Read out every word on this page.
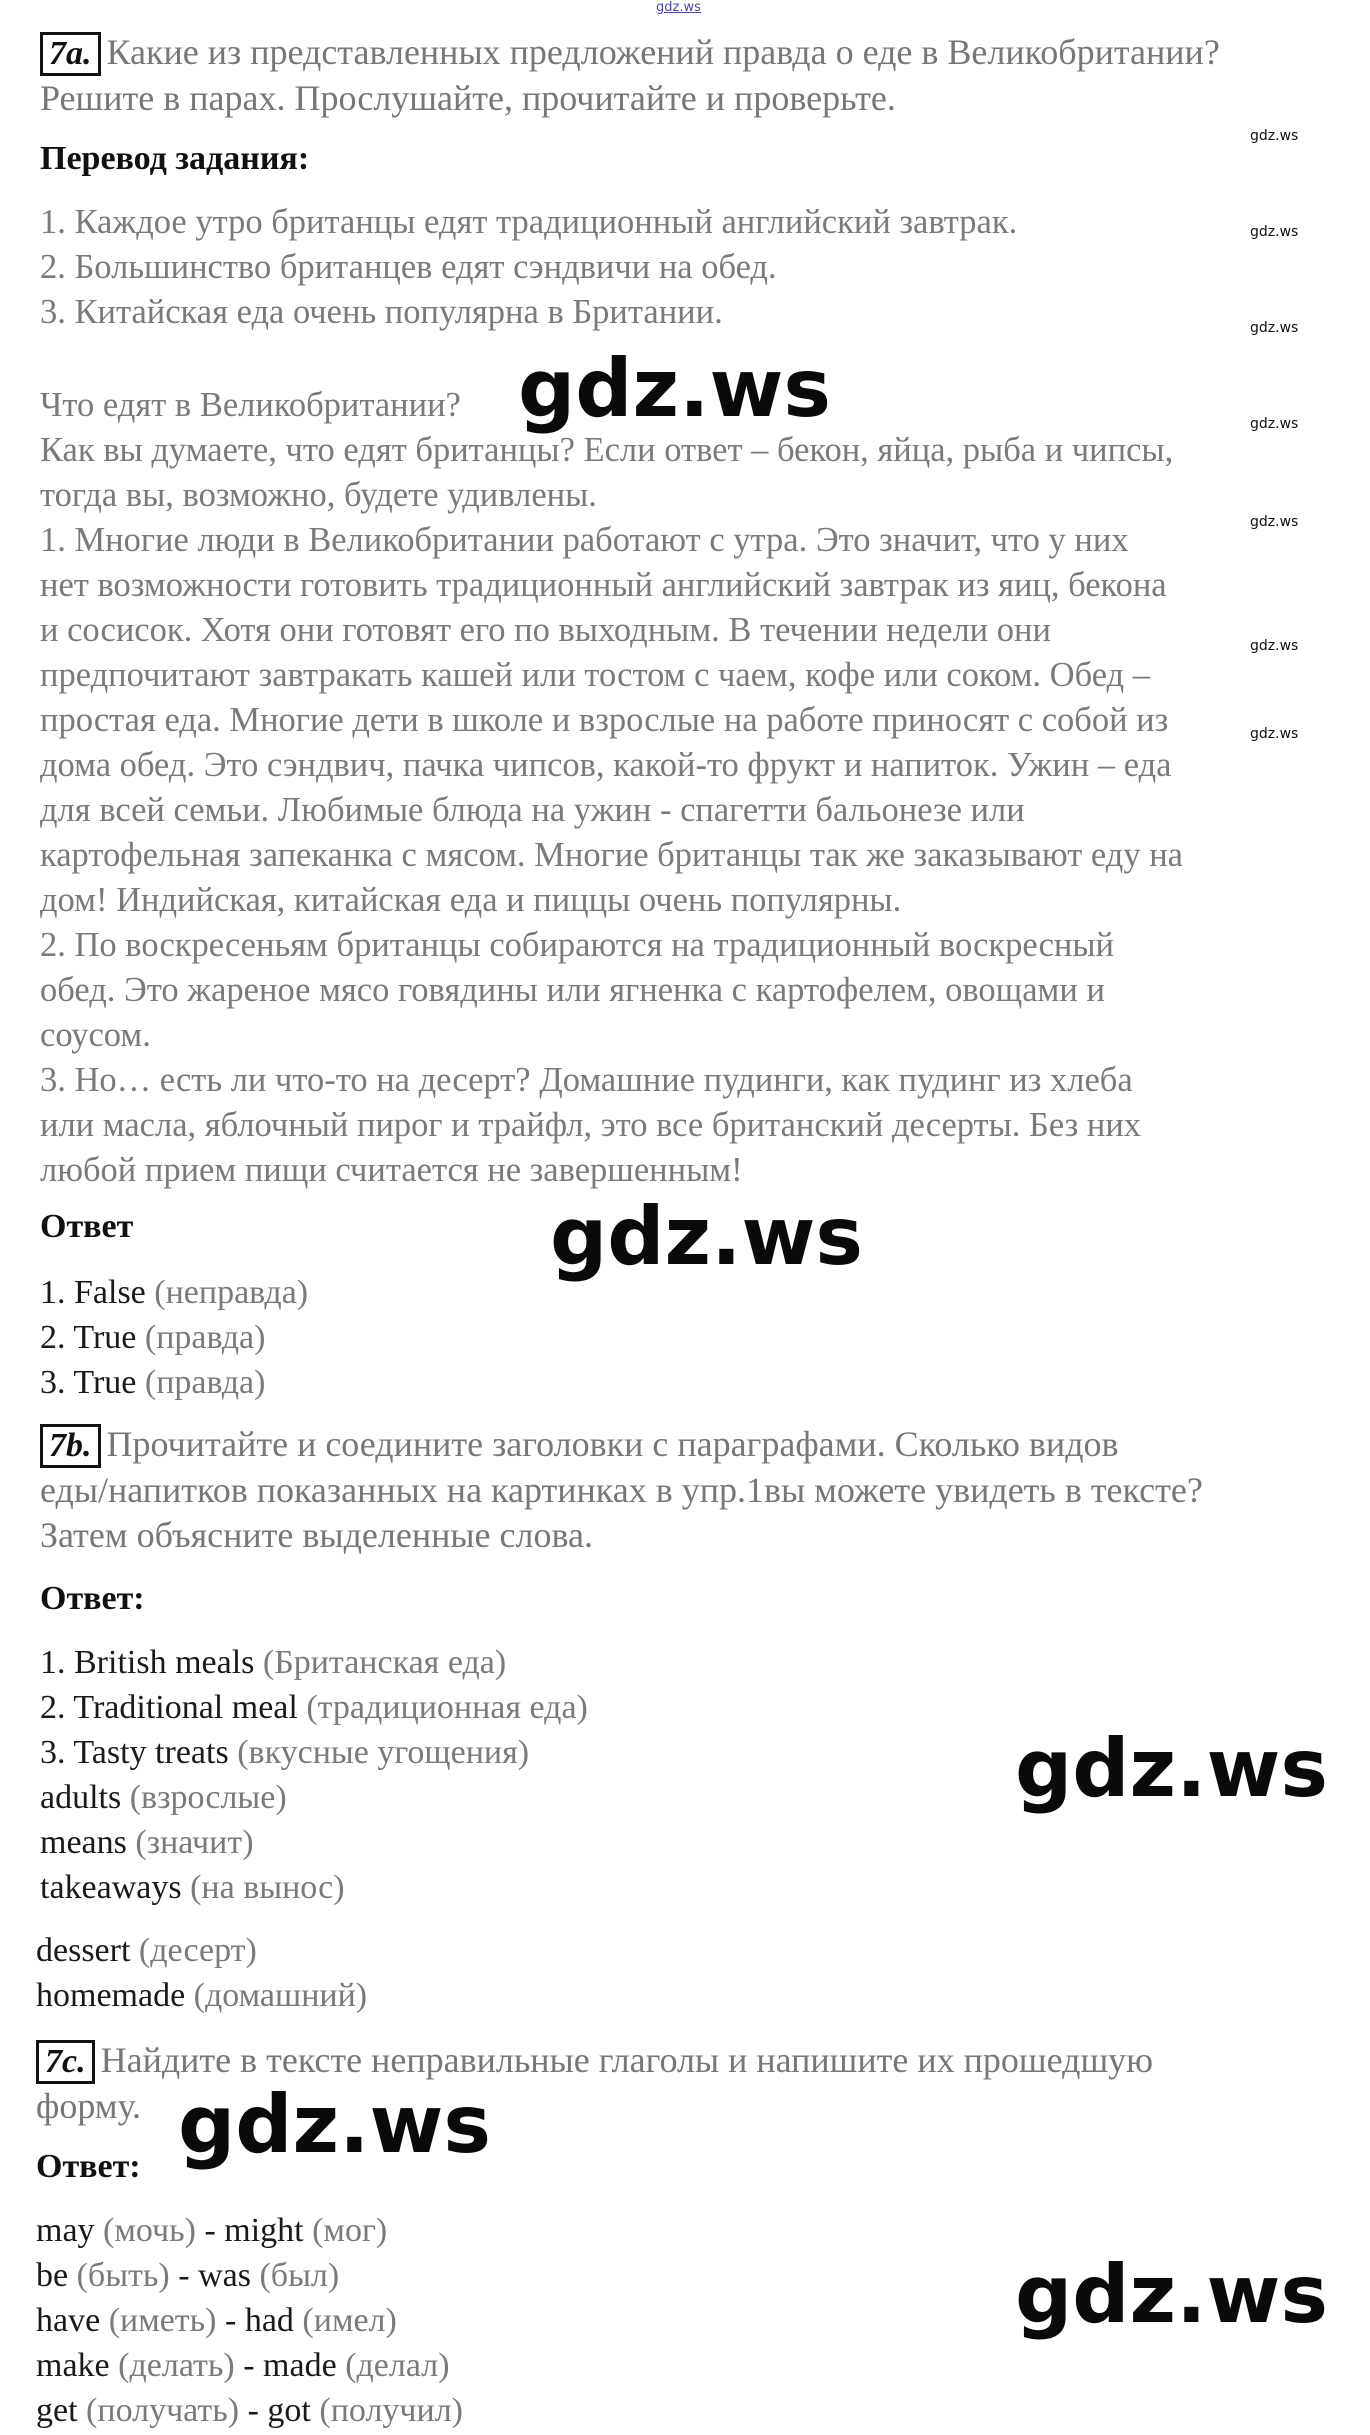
gdz.ws

7a. Какие из представленных предложений правда о еде в Великобритании?

Решите в парах. Прослушайте, прочитайте и проверьте.

Перевод задания:

1. Каждое утро британцы едят традиционный английский завтрак.

2. Большинство британцев едят сэндвичи на обед.

3. Китайская еда очень популярна в Британии.

Что едят в Великобритании?

Как вы думаете, что едят британцы? Если ответ – бекон, яйца, рыба и чипсы,

тогда вы, возможно, будете удивлены.

1. Многие люди в Великобритании работают с утра. Это значит, что у них

нет возможности готовить традиционный английский завтрак из яиц, бекона

и сосисок. Хотя они готовят его по выходным. В течении недели они

предпочитают завтракать кашей или тостом с чаем, кофе или соком. Обед –

простая еда. Многие дети в школе и взрослые на работе приносят с собой из

дома обед. Это сэндвич, пачка чипсов, какой-то фрукт и напиток. Ужин – еда

для всей семьи. Любимые блюда на ужин - спагетти бальонезе или

картофельная запеканка с мясом. Многие британцы так же заказывают еду на

дом! Индийская, китайская еда и пиццы очень популярны.

2. По воскресеньям британцы собираются на традиционный воскресный

обед. Это жареное мясо говядины или ягненка с картофелем, овощами и

соусом.

3. Но… есть ли что-то на десерт? Домашние пудинги, как пудинг из хлеба

или масла, яблочный пирог и трайфл, это все британский десерты. Без них

любой прием пищи считается не завершенным!

Ответ

1. False (неправда)

2. True (правда)

3. True (правда)

7b. Прочитайте и соедините заголовки с параграфами. Сколько видов

еды/напитков показанных на картинках в упр.1вы можете увидеть в тексте?

Затем объясните выделенные слова.

Ответ:

1. British meals (Британская еда)

2. Traditional meal (традиционная еда)

3. Tasty treats (вкусные угощения)

adults (взрослые)

means (значит)

takeaways (на вынос)

dessert (десерт)

homemade (домашний)

7c. Найдите в тексте неправильные глаголы и напишите их прошедшую

форму.

Ответ:

may (мочь) - might (мог)

be (быть) - was (был)

have (иметь) - had (имел)

make (делать) - made (делал)

get (получать) - got (получил)

gdz.ws
gdz.ws
gdz.ws
gdz.ws
gdz.ws
gdz.ws
gdz.ws
gdz.ws
gdz.ws
gdz.ws
gdz.ws
gdz.ws
